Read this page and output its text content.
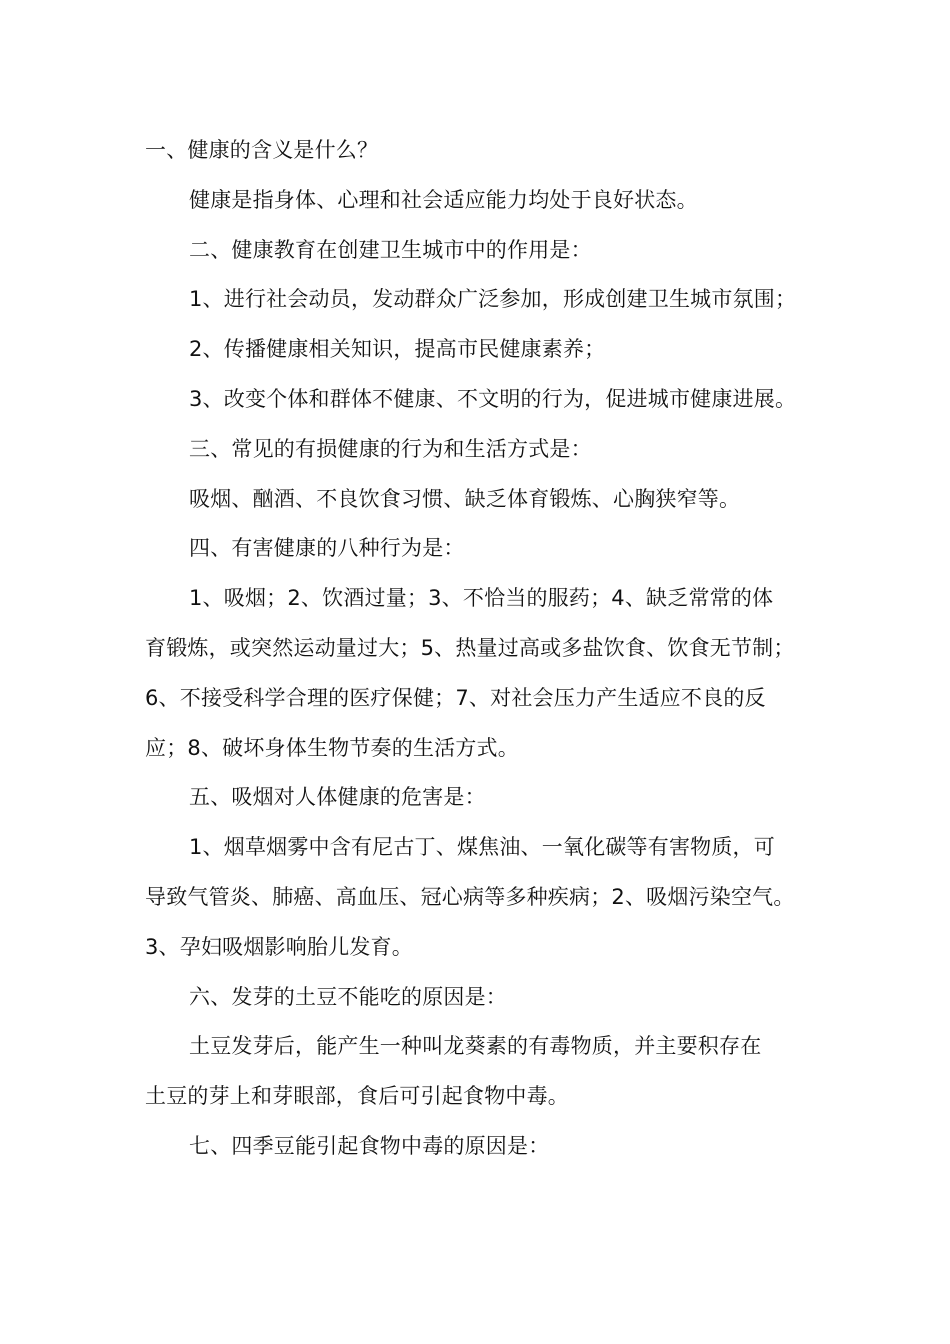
一、健康的含义是什么？

健康是指身体、心理和社会适应能力均处于良好状态。

二、健康教育在创建卫生城市中的作用是：

1、进行社会动员，发动群众广泛参加，形成创建卫生城市氛围；

2、传播健康相关知识，提高市民健康素养；

3、改变个体和群体不健康、不文明的行为，促进城市健康进展。

三、常见的有损健康的行为和生活方式是：

吸烟、酗酒、不良饮食习惯、缺乏体育锻炼、心胸狭窄等。

四、有害健康的八种行为是：

1、吸烟；2、饮酒过量；3、不恰当的服药；4、缺乏常常的体

育锻炼，或突然运动量过大；5、热量过高或多盐饮食、饮食无节制；

6、不接受科学合理的医疗保健；7、对社会压力产生适应不良的反

应；8、破坏身体生物节奏的生活方式。

五、吸烟对人体健康的危害是：

1、烟草烟雾中含有尼古丁、煤焦油、一氧化碳等有害物质，可

导致气管炎、肺癌、高血压、冠心病等多种疾病；2、吸烟污染空气。

3、孕妇吸烟影响胎儿发育。

六、发芽的土豆不能吃的原因是：

土豆发芽后，能产生一种叫龙葵素的有毒物质，并主要积存在

土豆的芽上和芽眼部，食后可引起食物中毒。

七、四季豆能引起食物中毒的原因是：
